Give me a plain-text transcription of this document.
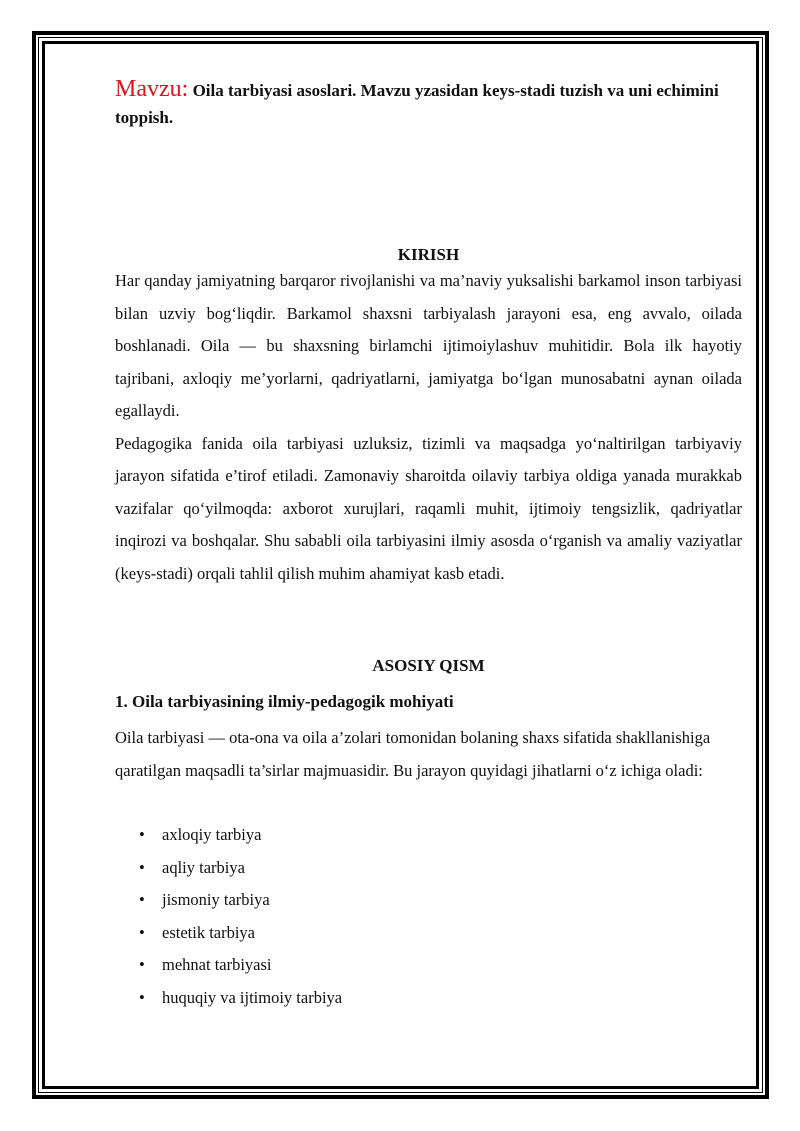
Mavzu: Oila tarbiyasi asoslari. Mavzu yzasidan keys-stadi tuzish va uni echimini toppish.

KIRISH

Har qanday jamiyatning barqaror rivojlanishi va ma’naviy yuksalishi barkamol inson tarbiyasi bilan uzviy bog‘liqdir. Barkamol shaxsni tarbiyalash jarayoni esa, eng avvalo, oilada boshlanadi. Oila — bu shaxsning birlamchi ijtimoiylashuv muhitidir. Bola ilk hayotiy tajribani, axloqiy me’yorlarni, qadriyatlarni, jamiyatga bo‘lgan munosabatni aynan oilada egallaydi.

Pedagogika fanida oila tarbiyasi uzluksiz, tizimli va maqsadga yo‘naltirilgan tarbiyaviy jarayon sifatida e’tirof etiladi. Zamonaviy sharoitda oilaviy tarbiya oldiga yanada murakkab vazifalar qo‘yilmoqda: axborot xurujlari, raqamli muhit, ijtimoiy tengsizlik, qadriyatlar inqirozi va boshqalar. Shu sababli oila tarbiyasini ilmiy asosda o‘rganish va amaliy vaziyatlar (keys-stadi) orqali tahlil qilish muhim ahamiyat kasb etadi.

ASOSIY QISM
1. Oila tarbiyasining ilmiy-pedagogik mohiyati

Oila tarbiyasi — ota-ona va oila a’zolari tomonidan bolaning shaxs sifatida shakllanishiga qaratilgan maqsadli ta’sirlar majmuasidir. Bu jarayon quyidagi jihatlarni o‘z ichiga oladi:

• axloqiy tarbiya
• aqliy tarbiya
• jismoniy tarbiya
• estetik tarbiya
• mehnat tarbiyasi
• huquqiy va ijtimoiy tarbiya
